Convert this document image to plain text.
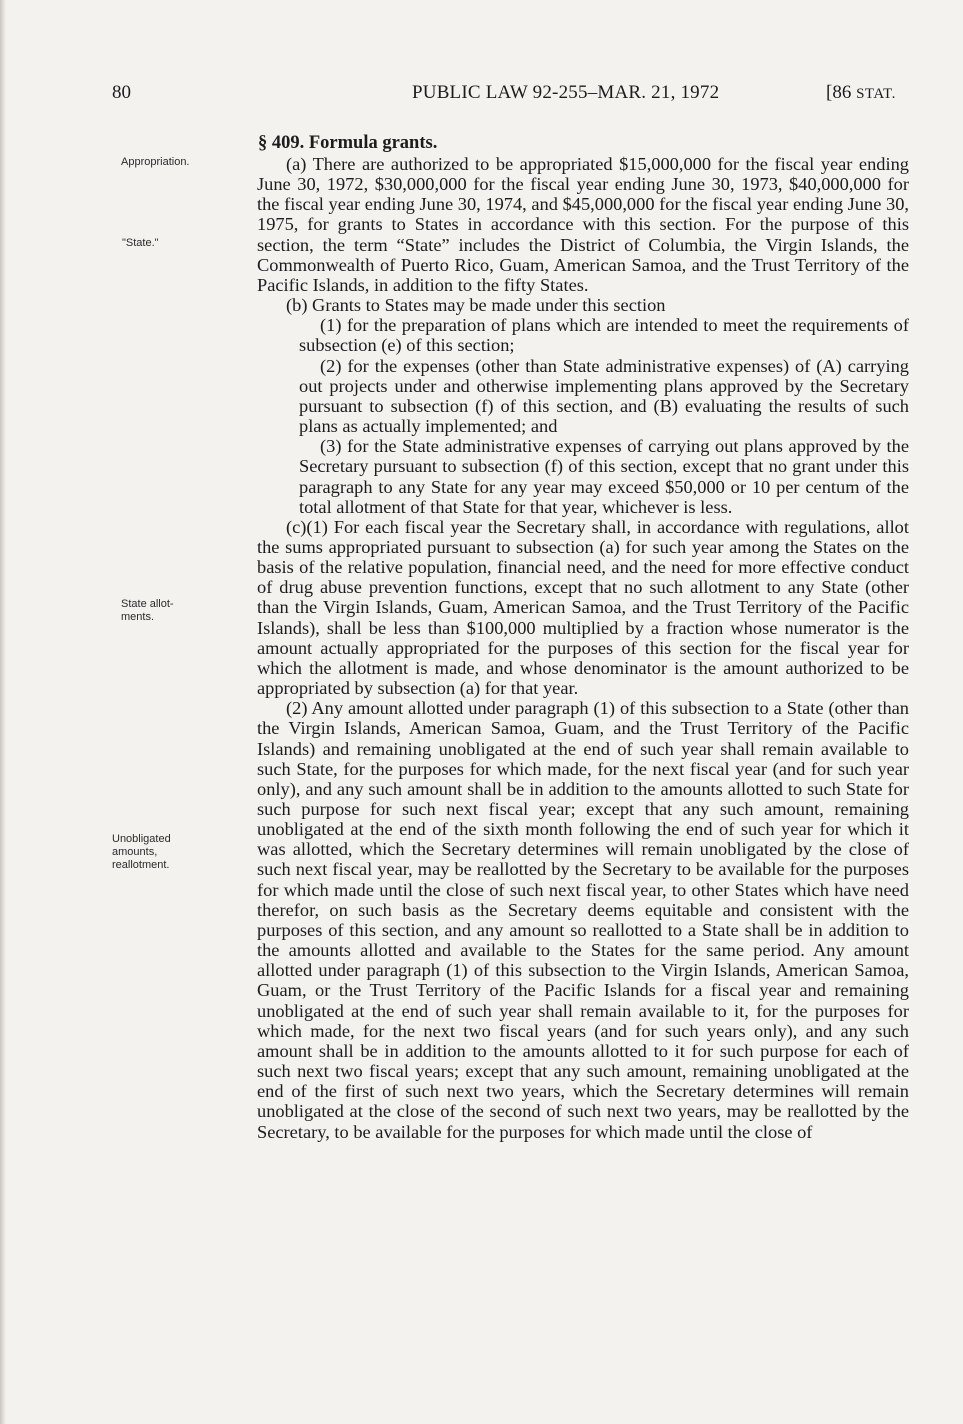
80	PUBLIC LAW 92-255–MAR. 21, 1972	[86 STAT.
Appropriation.
"State."
State allot-
ments.
Unobligated
amounts,
reallotment.
§ 409. Formula grants.

(a) There are authorized to be appropriated $15,000,000 for the fiscal year ending June 30, 1972, $30,000,000 for the fiscal year ending June 30, 1973, $40,000,000 for the fiscal year ending June 30, 1974, and $45,000,000 for the fiscal year ending June 30, 1975, for grants to States in accordance with this section. For the purpose of this section, the term “State” includes the District of Columbia, the Virgin Islands, the Commonwealth of Puerto Rico, Guam, American Samoa, and the Trust Territory of the Pacific Islands, in addition to the fifty States.

(b) Grants to States may be made under this section

(1) for the preparation of plans which are intended to meet the requirements of subsection (e) of this section;

(2) for the expenses (other than State administrative expenses) of (A) carrying out projects under and otherwise implementing plans approved by the Secretary pursuant to subsection (f) of this section, and (B) evaluating the results of such plans as actually implemented; and

(3) for the State administrative expenses of carrying out plans approved by the Secretary pursuant to subsection (f) of this section, except that no grant under this paragraph to any State for any year may exceed $50,000 or 10 per centum of the total allotment of that State for that year, whichever is less.

(c)(1) For each fiscal year the Secretary shall, in accordance with regulations, allot the sums appropriated pursuant to subsection (a) for such year among the States on the basis of the relative population, financial need, and the need for more effective conduct of drug abuse prevention functions, except that no such allotment to any State (other than the Virgin Islands, Guam, American Samoa, and the Trust Territory of the Pacific Islands), shall be less than $100,000 multiplied by a fraction whose numerator is the amount actually appropriated for the purposes of this section for the fiscal year for which the allotment is made, and whose denominator is the amount authorized to be appropriated by subsection (a) for that year.

(2) Any amount allotted under paragraph (1) of this subsection to a State (other than the Virgin Islands, American Samoa, Guam, and the Trust Territory of the Pacific Islands) and remaining unobligated at the end of such year shall remain available to such State, for the purposes for which made, for the next fiscal year (and for such year only), and any such amount shall be in addition to the amounts allotted to such State for such purpose for such next fiscal year; except that any such amount, remaining unobligated at the end of the sixth month following the end of such year for which it was allotted, which the Secretary determines will remain unobligated by the close of such next fiscal year, may be reallotted by the Secretary to be available for the purposes for which made until the close of such next fiscal year, to other States which have need therefor, on such basis as the Secretary deems equitable and consistent with the purposes of this section, and any amount so reallotted to a State shall be in addition to the amounts allotted and available to the States for the same period. Any amount allotted under paragraph (1) of this subsection to the Virgin Islands, American Samoa, Guam, or the Trust Territory of the Pacific Islands for a fiscal year and remaining unobligated at the end of such year shall remain available to it, for the purposes for which made, for the next two fiscal years (and for such years only), and any such amount shall be in addition to the amounts allotted to it for such purpose for each of such next two fiscal years; except that any such amount, remaining unobligated at the end of the first of such next two years, which the Secretary determines will remain unobligated at the close of the second of such next two years, may be reallotted by the Secretary, to be available for the purposes for which made until the close of
